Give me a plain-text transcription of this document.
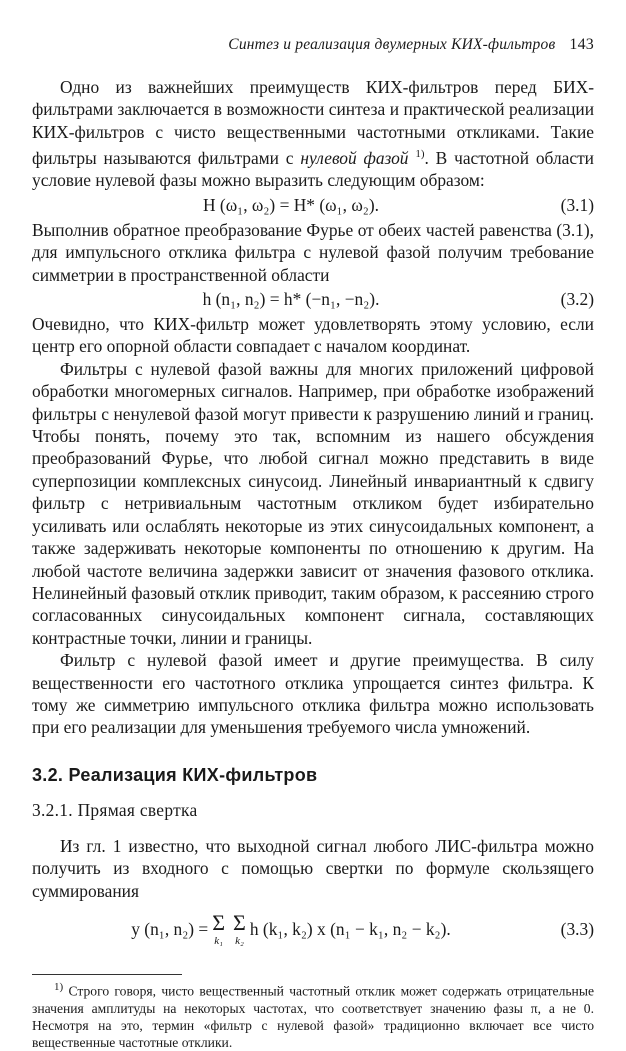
Синтез и реализация двумерных КИХ-фильтров 143

Одно из важнейших преимуществ КИХ-фильтров перед БИХ-фильтрами заключается в возможности синтеза и практической реализации КИХ-фильтров с чисто вещественными частотными откликами. Такие фильтры называются фильтрами с нулевой фазой $^{1)}$. В частотной области условие нулевой фазы можно выразить следующим образом:

H (ω₁, ω₂) = H* (ω₁, ω₂).	(3.1)

Выполнив обратное преобразование Фурье от обеих частей равенства (3.1), для импульсного отклика фильтра с нулевой фазой получим требование симметрии в пространственной области

h (n₁, n₂) = h* (−n₁, −n₂).	(3.2)

Очевидно, что КИХ-фильтр может удовлетворять этому условию, если центр его опорной области совпадает с началом координат.

Фильтры с нулевой фазой важны для многих приложений цифровой обработки многомерных сигналов. Например, при обработке изображений фильтры с ненулевой фазой могут привести к разрушению линий и границ. Чтобы понять, почему это так, вспомним из нашего обсуждения преобразований Фурье, что любой сигнал можно представить в виде суперпозиции комплексных синусоид. Линейный инвариантный к сдвигу фильтр с нетривиальным частотным откликом будет избирательно усиливать или ослаблять некоторые из этих синусоидальных компонент, а также задерживать некоторые компоненты по отношению к другим. На любой частоте величина задержки зависит от значения фазового отклика. Нелинейный фазовый отклик приводит, таким образом, к рассеянию строго согласованных синусоидальных компонент сигнала, составляющих контрастные точки, линии и границы.

Фильтр с нулевой фазой имеет и другие преимущества. В силу вещественности его частотного отклика упрощается синтез фильтра. К тому же симметрию импульсного отклика фильтра можно использовать при его реализации для уменьшения требуемого числа умножений.

3.2. Реализация КИХ-фильтров
3.2.1. Прямая свертка

Из гл. 1 известно, что выходной сигнал любого ЛИС-фильтра можно получить из входного с помощью свертки по формуле скользящего суммирования

y (n₁, n₂) = Σ
k₁
Σ
k₂
h (k₁, k₂) x (n₁ − k₁, n₂ − k₂).	(3.3)

$^{1)}$ Строго говоря, чисто вещественный частотный отклик может содержать отрицательные значения амплитуды на некоторых частотах, что соответствует значению фазы π, а не 0. Несмотря на это, термин «фильтр с нулевой фазой» традиционно включает все чисто вещественные частотные отклики.
